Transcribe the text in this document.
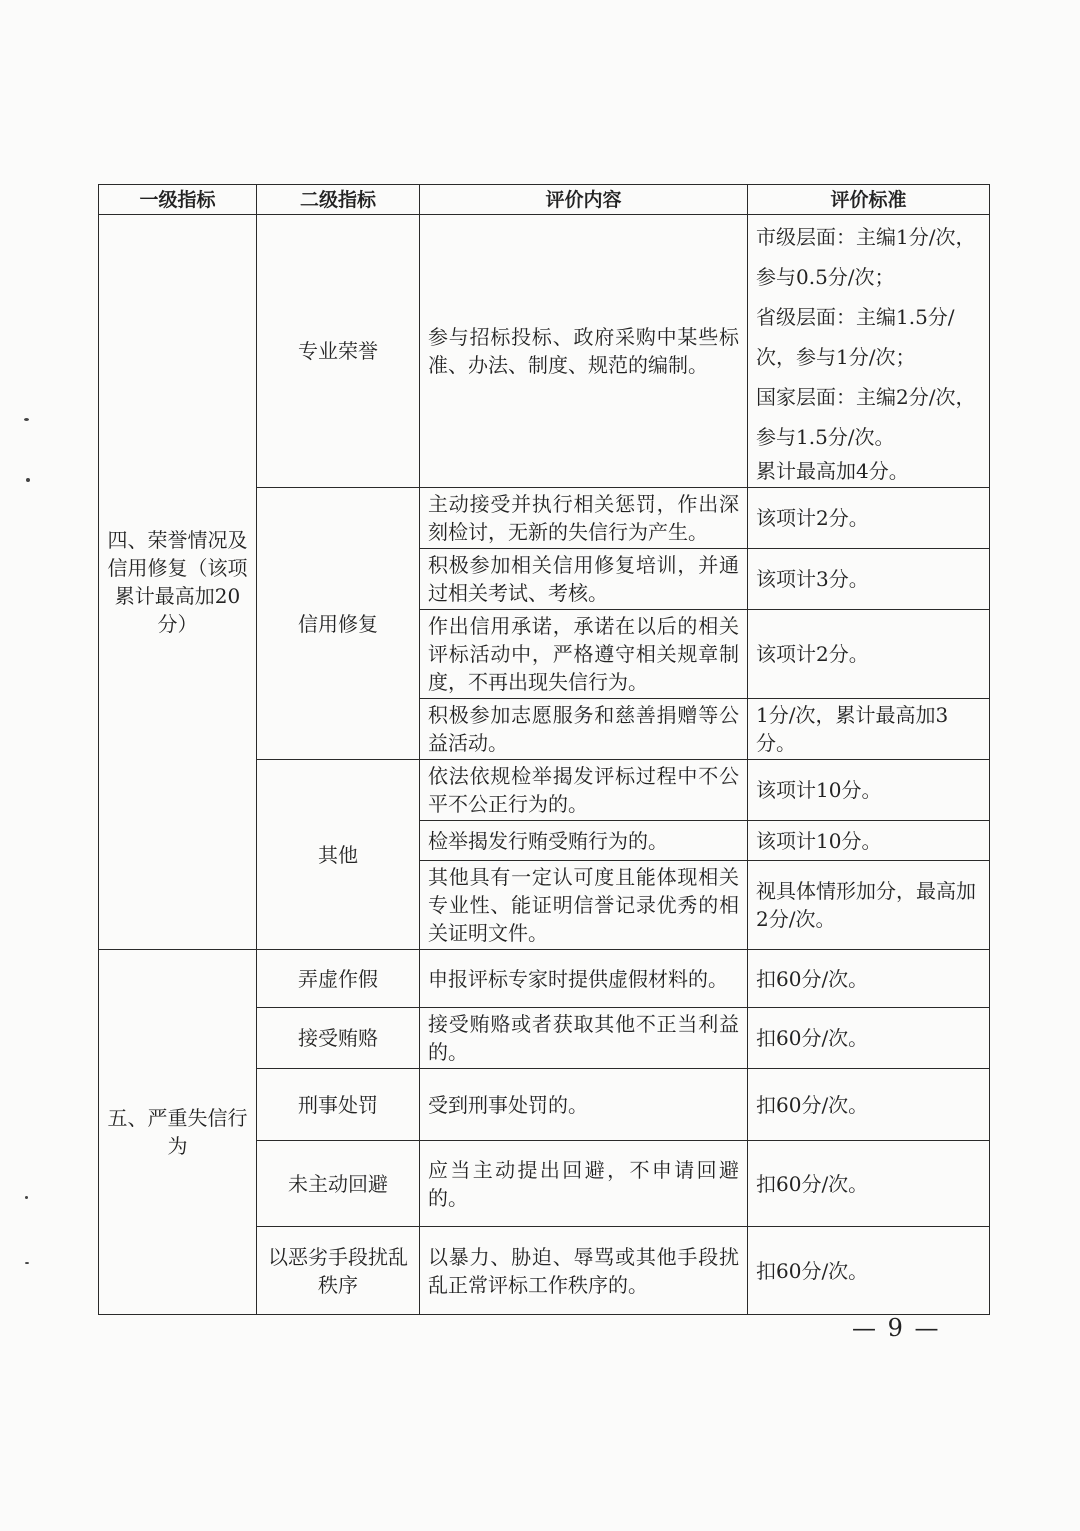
一级指标	二级指标	评价内容	评价标准
四、荣誉情况及信用修复（该项累计最高加20分）	专业荣誉	参与招标投标、政府采购中某些标准、办法、制度、规范的编制。	市级层面：主编1分/次，参与0.5分/次；
省级层面：主编1.5分/次，参与1分/次；
国家层面：主编2分/次，参与1.5分/次。
累计最高加4分。

	信用修复	主动接受并执行相关惩罚，作出深刻检讨，无新的失信行为产生。	该项计2分。
		积极参加相关信用修复培训，并通过相关考试、考核。	该项计3分。
		作出信用承诺，承诺在以后的相关评标活动中，严格遵守相关规章制度，不再出现失信行为。	该项计2分。
		积极参加志愿服务和慈善捐赠等公益活动。	1分/次，累计最高加3分。
	其他	依法依规检举揭发评标过程中不公平不公正行为的。	该项计10分。
		检举揭发行贿受贿行为的。	该项计10分。
		其他具有一定认可度且能体现相关专业性、能证明信誉记录优秀的相关证明文件。	视具体情形加分，最高加2分/次。
五、严重失信行为	弄虚作假	申报评标专家时提供虚假材料的。	扣60分/次。
	接受贿赂	接受贿赂或者获取其他不正当利益的。	扣60分/次。
	刑事处罚	受到刑事处罚的。	扣60分/次。
	未主动回避	应当主动提出回避，不申请回避的。	扣60分/次。
	以恶劣手段扰乱秩序	以暴力、胁迫、辱骂或其他手段扰乱正常评标工作秩序的。	扣60分/次。
— 9 —
